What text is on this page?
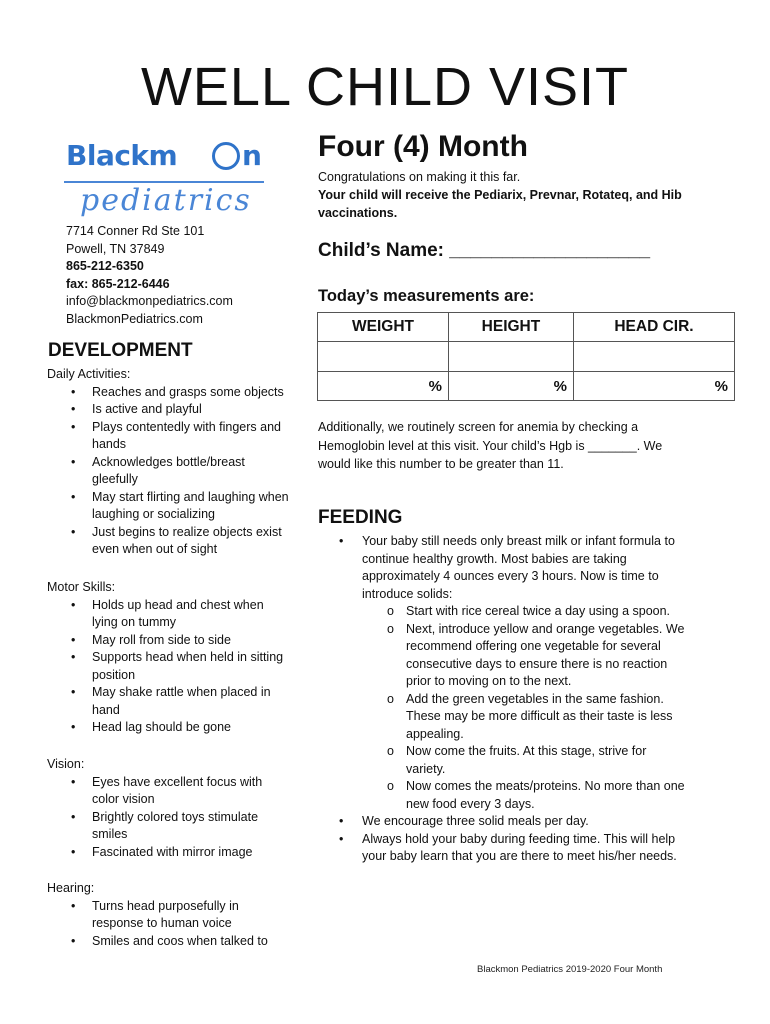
WELL CHILD VISIT
Blackm n
pediatrics
7714 Conner Rd Ste 101
Powell, TN 37849
865-212-6350
fax: 865-212-6446
info@blackmonpediatrics.com
BlackmonPediatrics.com
Four (4) Month
Congratulations on making it this far.
Your child will receive the Pediarix, Prevnar, Rotateq, and Hib vaccinations.
Child’s Name: ___________________
Today’s measurements are:
WEIGHT	HEIGHT	HEAD CIR.

%	%	%
Additionally, we routinely screen for anemia by checking a Hemoglobin level at this visit. Your child’s Hgb is _______. We would like this number to be greater than 11.
DEVELOPMENT
Daily Activities:
• Reaches and grasps some objects
• Is active and playful
• Plays contentedly with fingers and hands
• Acknowledges bottle/breast gleefully
• May start flirting and laughing when laughing or socializing
• Just begins to realize objects exist even when out of sight
Motor Skills:
• Holds up head and chest when lying on tummy
• May roll from side to side
• Supports head when held in sitting position
• May shake rattle when placed in hand
• Head lag should be gone
Vision:
• Eyes have excellent focus with color vision
• Brightly colored toys stimulate smiles
• Fascinated with mirror image
Hearing:
• Turns head purposefully in response to human voice
• Smiles and coos when talked to
FEEDING
• Your baby still needs only breast milk or infant formula to continue healthy growth. Most babies are taking approximately 4 ounces every 3 hours. Now is time to introduce solids:
o Start with rice cereal twice a day using a spoon.
o Next, introduce yellow and orange vegetables. We recommend offering one vegetable for several consecutive days to ensure there is no reaction prior to moving on to the next.
o Add the green vegetables in the same fashion. These may be more difficult as their taste is less appealing.
o Now come the fruits. At this stage, strive for variety.
o Now comes the meats/proteins. No more than one new food every 3 days.
• We encourage three solid meals per day.
• Always hold your baby during feeding time. This will help your baby learn that you are there to meet his/her needs.
Blackmon Pediatrics 2019-2020 Four Month
